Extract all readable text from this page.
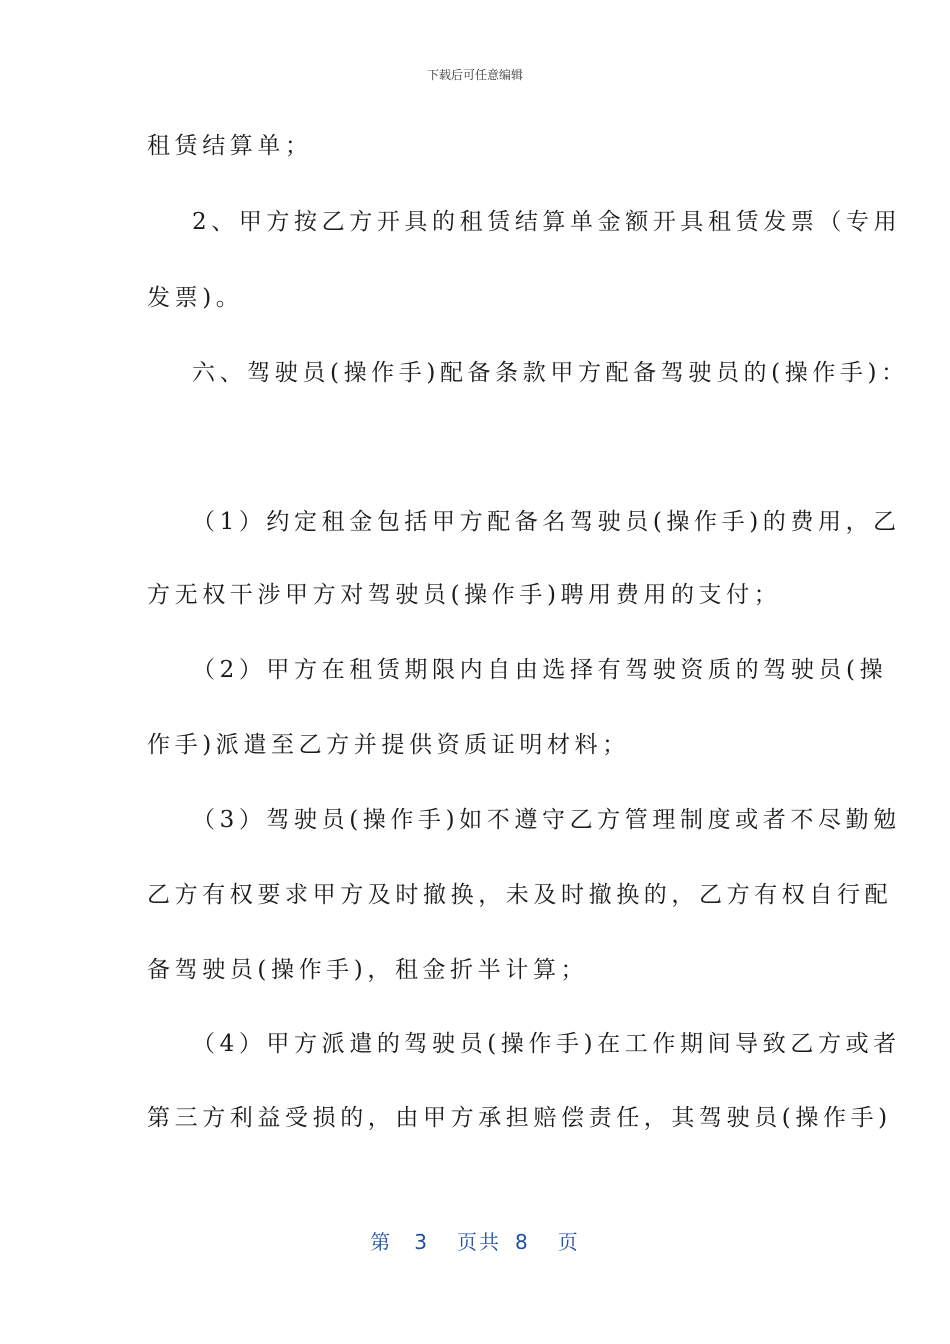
下载后可任意编辑
租赁结算单；
2、甲方按乙方开具的租赁结算单金额开具租赁发票（专用
发票)。
六、驾驶员(操作手)配备条款甲方配备驾驶员的(操作手)：
（1）约定租金包括甲方配备名驾驶员(操作手)的费用，乙
方无权干涉甲方对驾驶员(操作手)聘用费用的支付；
（2）甲方在租赁期限内自由选择有驾驶资质的驾驶员(操
作手)派遣至乙方并提供资质证明材料；
（3）驾驶员(操作手)如不遵守乙方管理制度或者不尽勤勉
乙方有权要求甲方及时撤换，未及时撤换的，乙方有权自行配
备驾驶员(操作手)，租金折半计算；
（4）甲方派遣的驾驶员(操作手)在工作期间导致乙方或者
第三方利益受损的，由甲方承担赔偿责任，其驾驶员(操作手)
第 3 页共 8 页
